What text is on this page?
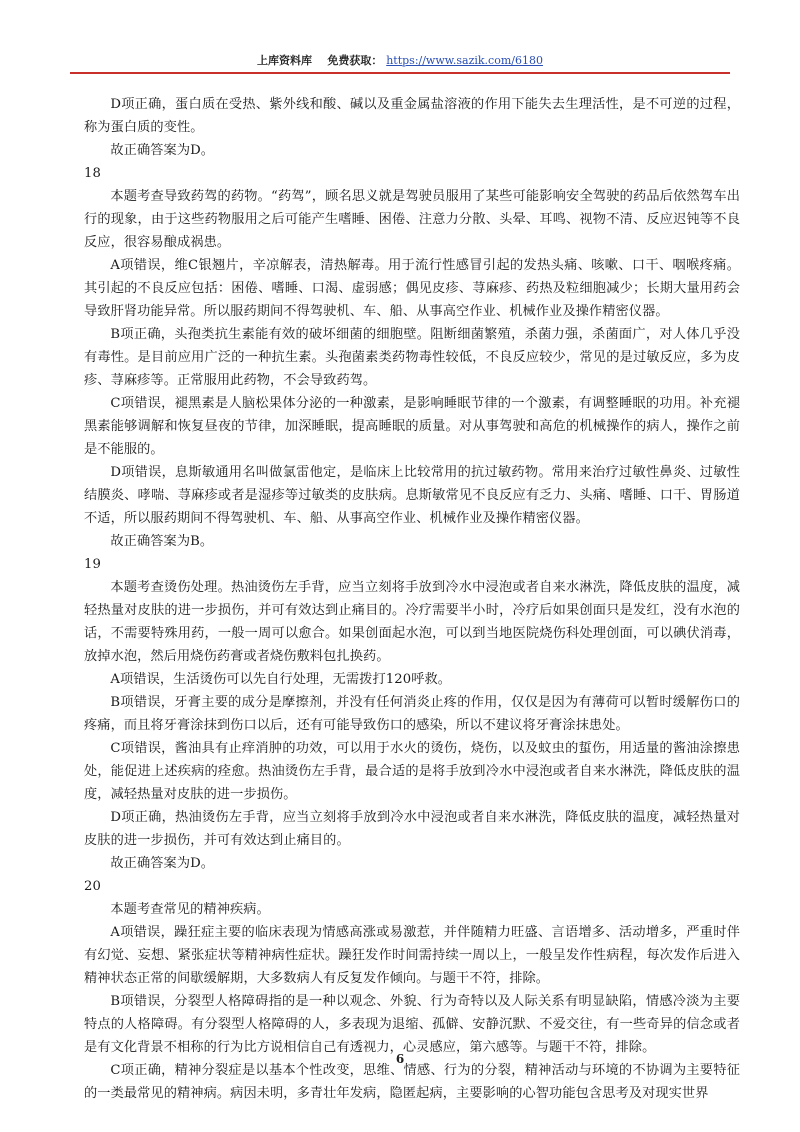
上库资料库 免费获取： https://www.sazik.com/6180

D项正确，蛋白质在受热、紫外线和酸、碱以及重金属盐溶液的作用下能失去生理活性，是不可逆的过程，称为蛋白质的变性。

故正确答案为D。

18

本题考查导致药驾的药物。“药驾”，顾名思义就是驾驶员服用了某些可能影响安全驾驶的药品后依然驾车出行的现象，由于这些药物服用之后可能产生嗜睡、困倦、注意力分散、头晕、耳鸣、视物不清、反应迟钝等不良反应，很容易酿成祸患。

A项错误，维C银翘片，辛凉解表，清热解毒。用于流行性感冒引起的发热头痛、咳嗽、口干、咽喉疼痛。其引起的不良反应包括：困倦、嗜睡、口渴、虚弱感；偶见皮疹、荨麻疹、药热及粒细胞减少；长期大量用药会导致肝肾功能异常。所以服药期间不得驾驶机、车、船、从事高空作业、机械作业及操作精密仪器。

B项正确，头孢类抗生素能有效的破坏细菌的细胞壁。阻断细菌繁殖，杀菌力强，杀菌面广，对人体几乎没有毒性。是目前应用广泛的一种抗生素。头孢菌素类药物毒性较低，不良反应较少，常见的是过敏反应，多为皮疹、荨麻疹等。正常服用此药物，不会导致药驾。

C项错误，褪黑素是人脑松果体分泌的一种激素，是影响睡眠节律的一个激素，有调整睡眠的功用。补充褪黑素能够调解和恢复昼夜的节律，加深睡眠，提高睡眠的质量。对从事驾驶和高危的机械操作的病人，操作之前是不能服的。

D项错误，息斯敏通用名叫做氯雷他定，是临床上比较常用的抗过敏药物。常用来治疗过敏性鼻炎、过敏性结膜炎、哮喘、荨麻疹或者是湿疹等过敏类的皮肤病。息斯敏常见不良反应有乏力、头痛、嗜睡、口干、胃肠道不适，所以服药期间不得驾驶机、车、船、从事高空作业、机械作业及操作精密仪器。

故正确答案为B。

19

本题考查烫伤处理。热油烫伤左手背，应当立刻将手放到冷水中浸泡或者自来水淋洗，降低皮肤的温度，减轻热量对皮肤的进一步损伤，并可有效达到止痛目的。冷疗需要半小时，冷疗后如果创面只是发红，没有水泡的话，不需要特殊用药，一般一周可以愈合。如果创面起水泡，可以到当地医院烧伤科处理创面，可以碘伏消毒，放掉水泡，然后用烧伤药膏或者烧伤敷料包扎换药。

A项错误，生活烫伤可以先自行处理，无需拨打120呼救。

B项错误，牙膏主要的成分是摩擦剂，并没有任何消炎止疼的作用，仅仅是因为有薄荷可以暂时缓解伤口的疼痛，而且将牙膏涂抹到伤口以后，还有可能导致伤口的感染，所以不建议将牙膏涂抹患处。

C项错误，酱油具有止痒消肿的功效，可以用于水火的烫伤，烧伤，以及蚊虫的蜇伤，用适量的酱油涂擦患处，能促进上述疾病的痊愈。热油烫伤左手背，最合适的是将手放到冷水中浸泡或者自来水淋洗，降低皮肤的温度，减轻热量对皮肤的进一步损伤。

D项正确，热油烫伤左手背，应当立刻将手放到冷水中浸泡或者自来水淋洗，降低皮肤的温度，减轻热量对皮肤的进一步损伤，并可有效达到止痛目的。

故正确答案为D。

20

本题考查常见的精神疾病。

A项错误，躁狂症主要的临床表现为情感高涨或易激惹，并伴随精力旺盛、言语增多、活动增多，严重时伴有幻觉、妄想、紧张症状等精神病性症状。躁狂发作时间需持续一周以上，一般呈发作性病程，每次发作后进入精神状态正常的间歇缓解期，大多数病人有反复发作倾向。与题干不符，排除。

B项错误，分裂型人格障碍指的是一种以观念、外貌、行为奇特以及人际关系有明显缺陷，情感冷淡为主要特点的人格障碍。有分裂型人格障碍的人，多表现为退缩、孤僻、安静沉默、不爱交往，有一些奇异的信念或者是有文化背景不相称的行为比方说相信自己有透视力，心灵感应，第六感等。与题干不符，排除。

C项正确，精神分裂症是以基本个性改变，思维、情感、行为的分裂，精神活动与环境的不协调为主要特征的一类最常见的精神病。病因未明，多青壮年发病，隐匿起病，主要影响的心智功能包含思考及对现实世界

6
